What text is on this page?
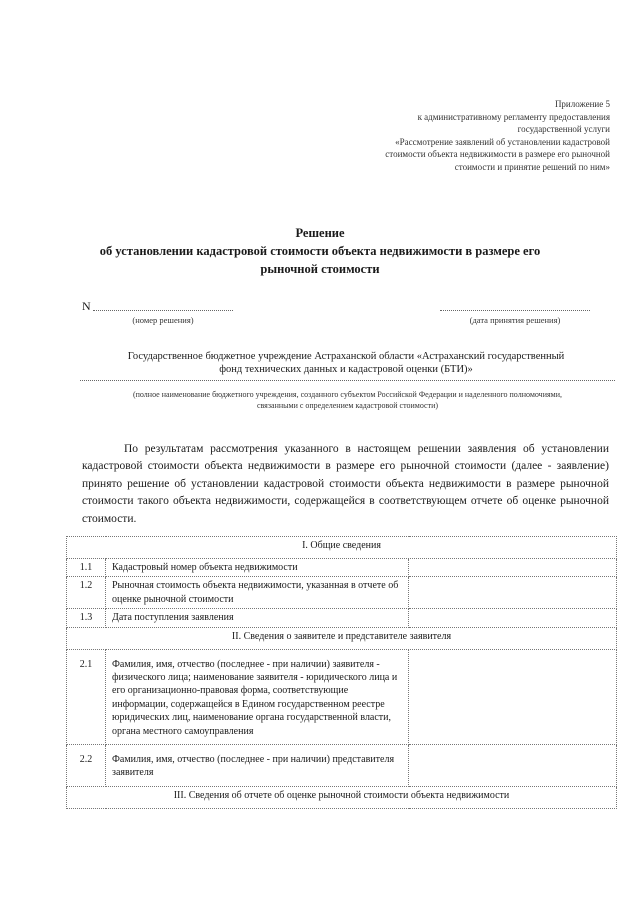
Приложение 5
к административному регламенту предоставления
государственной услуги
«Рассмотрение заявлений об установлении кадастровой
стоимости объекта недвижимости в размере его рыночной
стоимости и принятие решений по ним»
Решение
об установлении кадастровой стоимости объекта недвижимости в размере его
рыночной стоимости
N
(номер решения)	(дата принятия решения)
Государственное бюджетное учреждение Астраханской области «Астраханский государственный
фонд технических данных и кадастровой оценки (БТИ)»
(полное наименование бюджетного учреждения, созданного субъектом Российской Федерации и наделенного полномочиями,
связанными с определением кадастровой стоимости)

По результатам рассмотрения указанного в настоящем решении заявления об установлении кадастровой стоимости объекта недвижимости в размере его рыночной стоимости (далее - заявление) принято решение об установлении кадастровой стоимости объекта недвижимости в размере рыночной стоимости такого объекта недвижимости, содержащейся в соответствующем отчете об оценке рыночной стоимости.

I. Общие сведения		
1.1	Кадастровый номер объекта недвижимости	
1.2	Рыночная стоимость объекта недвижимости, указанная в отчете об оценке рыночной стоимости	
1.3	Дата поступления заявления	
II. Сведения о заявителе и представителе заявителя		
2.1	Фамилия, имя, отчество (последнее - при наличии) заявителя - физического лица; наименование заявителя - юридического лица и его организационно-правовая форма, соответствующие информации, содержащейся в Едином государственном реестре юридических лиц, наименование органа государственной власти, органа местного самоуправления	
2.2	Фамилия, имя, отчество (последнее - при наличии) представителя заявителя	
III. Сведения об отчете об оценке рыночной стоимости объекта недвижимости		
